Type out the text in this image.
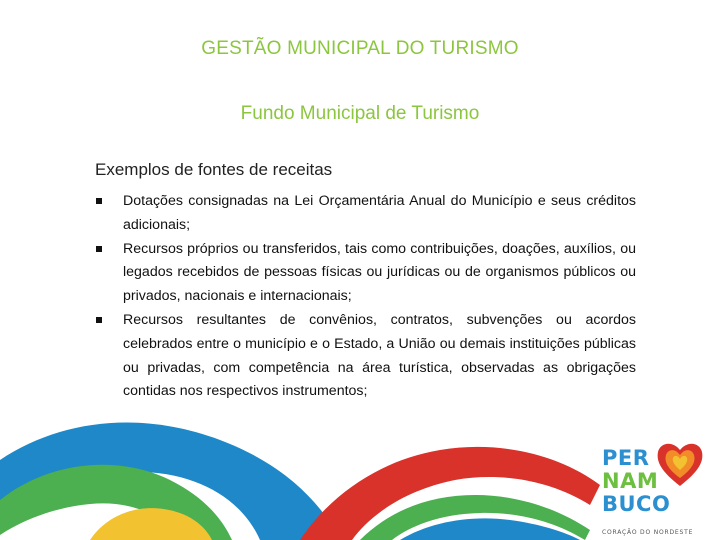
GESTÃO MUNICIPAL DO TURISMO
Fundo Municipal de Turismo
Exemplos de fontes de receitas
Dotações consignadas na Lei Orçamentária Anual do Município e seus créditos adicionais;
Recursos próprios ou transferidos, tais como contribuições, doações, auxílios, ou legados recebidos de pessoas físicas ou jurídicas ou de organismos públicos ou privados, nacionais e internacionais;
Recursos resultantes de convênios, contratos, subvenções ou acordos celebrados entre o município e o Estado, a União ou demais instituições públicas ou privadas, com competência na área turística, observadas as obrigações contidas nos respectivos instrumentos;
PER
NAM
BUCO
CORAÇÃO DO NORDESTE
